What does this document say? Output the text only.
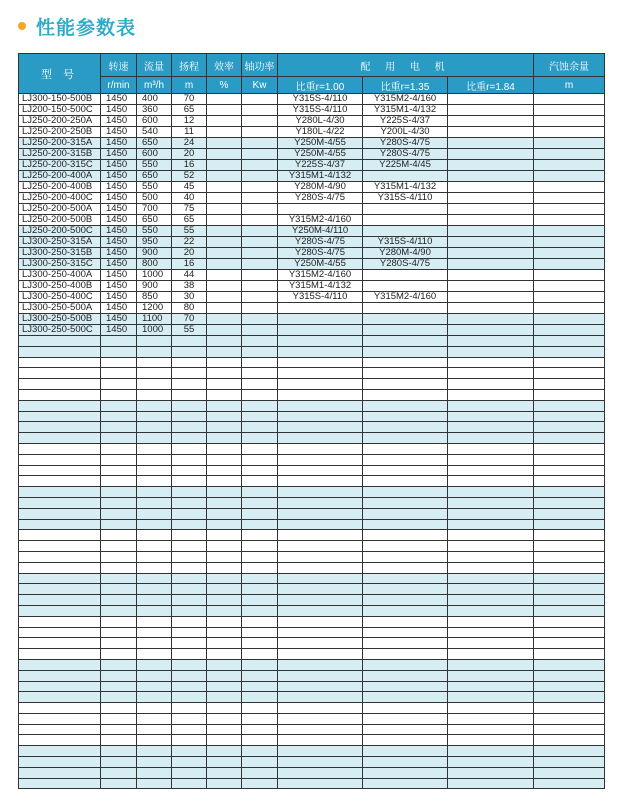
性能参数表
型 号	转速	流量	扬程	效率	轴功率	配 用 电 机			汽蚀余量
	r/min	m³/h	m	%	Kw	比重r=1.00	比重r=1.35	比重r=1.84	m
LJ300-150-500B	1450	400	70			Y315S-4/110	Y315M2-4/160		
LJ200-150-500C	1450	360	65			Y315S-4/110	Y315M1-4/132		
LJ250-200-250A	1450	600	12			Y280L-4/30	Y225S-4/37		
LJ250-200-250B	1450	540	11			Y180L-4/22	Y200L-4/30		
LJ250-200-315A	1450	650	24			Y250M-4/55	Y280S-4/75		
LJ250-200-315B	1450	600	20			Y250M-4/55	Y280S-4/75		
LJ250-200-315C	1450	550	16			Y225S-4/37	Y225M-4/45		
LJ250-200-400A	1450	650	52			Y315M1-4/132			
LJ250-200-400B	1450	550	45			Y280M-4/90	Y315M1-4/132		
LJ250-200-400C	1450	500	40			Y280S-4/75	Y315S-4/110		
LJ250-200-500A	1450	700	75						
LJ250-200-500B	1450	650	65			Y315M2-4/160			
LJ250-200-500C	1450	550	55			Y250M-4/110			
LJ300-250-315A	1450	950	22			Y280S-4/75	Y315S-4/110		
LJ300-250-315B	1450	900	20			Y280S-4/75	Y280M-4/90		
LJ300-250-315C	1450	800	16			Y250M-4/55	Y280S-4/75		
LJ300-250-400A	1450	1000	44			Y315M2-4/160			
LJ300-250-400B	1450	900	38			Y315M1-4/132			
LJ300-250-400C	1450	850	30			Y315S-4/110	Y315M2-4/160		
LJ300-250-500A	1450	1200	80						
LJ300-250-500B	1450	1100	70						
LJ300-250-500C	1450	1000	55						
